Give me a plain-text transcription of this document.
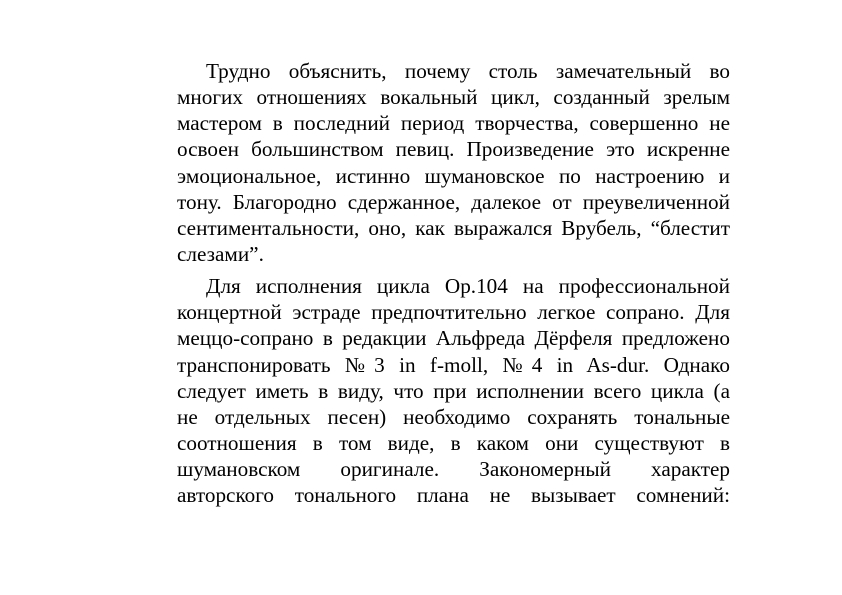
Трудно объяснить, почему столь замечательный во
многих отношениях вокальный цикл, созданный зрелым
мастером в последний период творчества, совершенно не
освоен большинством певиц. Произведение это искренне
эмоциональное, истинно шумановское по настроению и
тону. Благородно сдержанное, далекое от преувеличенной
сентиментальности, оно, как выражался Врубель, “блестит
слезами”.
Для исполнения цикла Op.104 на профессиональной
концертной эстраде предпочтительно легкое сопрано. Для
меццо-сопрано в редакции Альфреда Дёрфеля предложено
транспонировать №3 in f-moll, №4 in As-dur. Однако
следует иметь в виду, что при исполнении всего цикла (а
не отдельных песен) необходимо сохранять тональные
соотношения в том виде, в каком они существуют в
шумановском оригинале. Закономерный характер
авторского тонального плана не вызывает сомнений:
